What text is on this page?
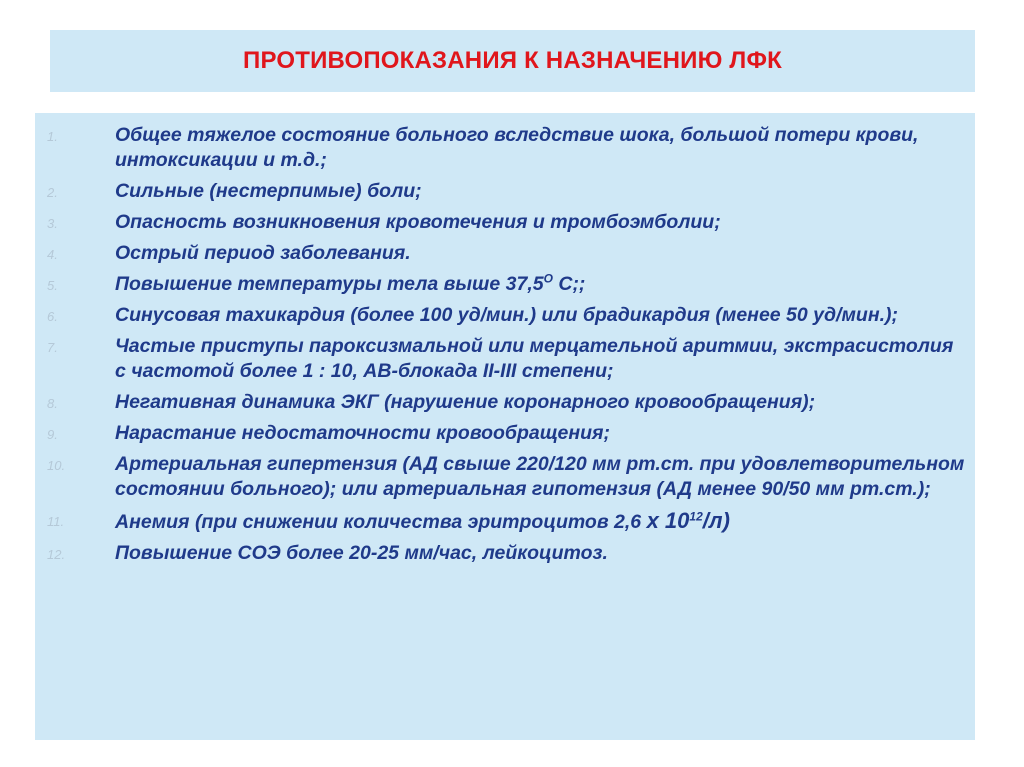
ПРОТИВОПОКАЗАНИЯ К НАЗНАЧЕНИЮ ЛФК
1.	Общее тяжелое состояние больного вследствие шока, большой потери крови, интоксикации и т.д.;
2.	Сильные (нестерпимые) боли;
3.	Опасность возникновения кровотечения и тромбоэмболии;
4.	Острый период заболевания.
5.	Повышение температуры тела выше $37,5^О$ С;;
6.	Синусовая тахикардия (более 100 уд/мин.) или брадикардия (менее 50 уд/мин.);
7.	Частые приступы пароксизмальной или мерцательной аритмии, экстрасистолия с частотой более 1 : 10, АВ-блокада II-III степени;
8.	Негативная динамика ЭКГ (нарушение коронарного кровообращения);
9.	Нарастание недостаточности кровообращения;
10.	Артериальная гипертензия (АД свыше 220/120 мм рт.ст. при удовлетворительном состоянии больного); или артериальная гипотензия (АД менее 90/50 мм рт.ст.);
11.	Анемия (при снижении количества эритроцитов 2,6 х $10^{12}/л$)
12.	Повышение СОЭ более 20-25 мм/час, лейкоцитоз.
